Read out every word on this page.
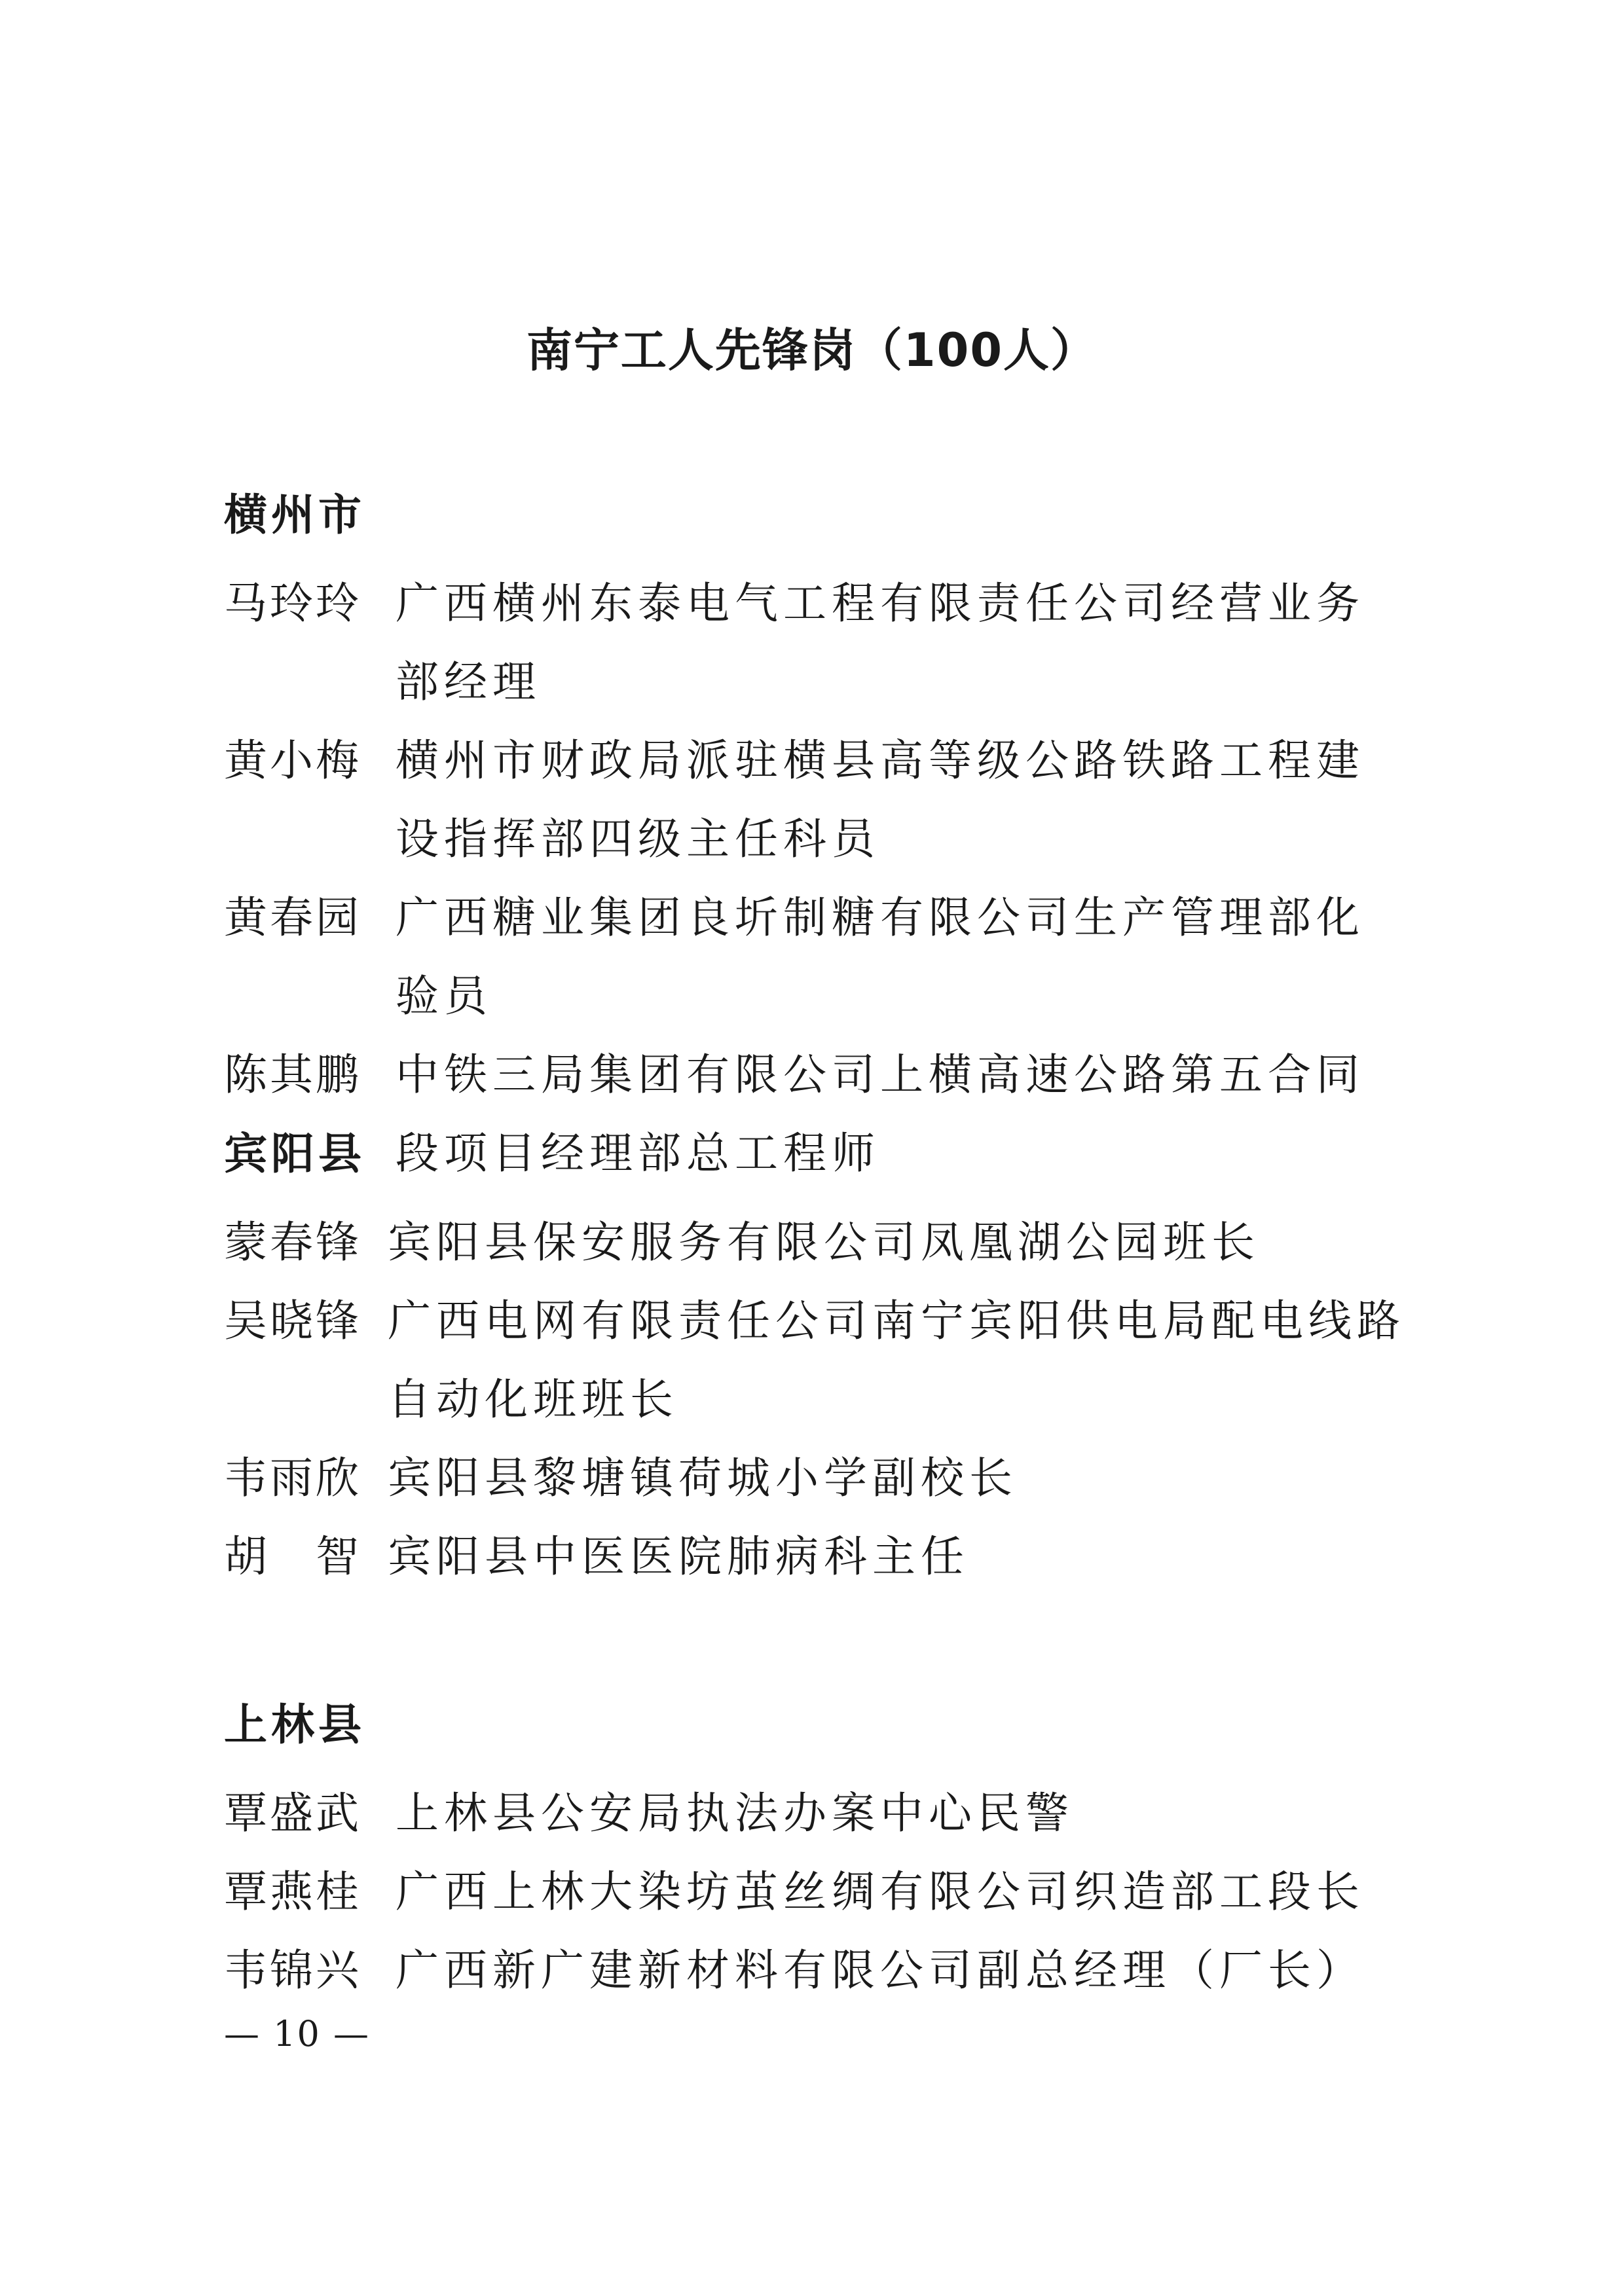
南宁工人先锋岗（100人）
横州市
马玲玲 广西横州东泰电气工程有限责任公司经营业务部经理
黄小梅 横州市财政局派驻横县高等级公路铁路工程建设指挥部四级主任科员
黄春园 广西糖业集团良圻制糖有限公司生产管理部化验员
陈其鹏 中铁三局集团有限公司上横高速公路第五合同段项目经理部总工程师
宾阳县
蒙春锋 宾阳县保安服务有限公司凤凰湖公园班长
吴晓锋 广西电网有限责任公司南宁宾阳供电局配电线路自动化班班长
韦雨欣 宾阳县黎塘镇荷城小学副校长
胡　智 宾阳县中医医院肺病科主任
上林县
覃盛武 上林县公安局执法办案中心民警
覃燕桂 广西上林大染坊茧丝绸有限公司织造部工段长
韦锦兴 广西新广建新材料有限公司副总经理（厂长）
— 10 —
